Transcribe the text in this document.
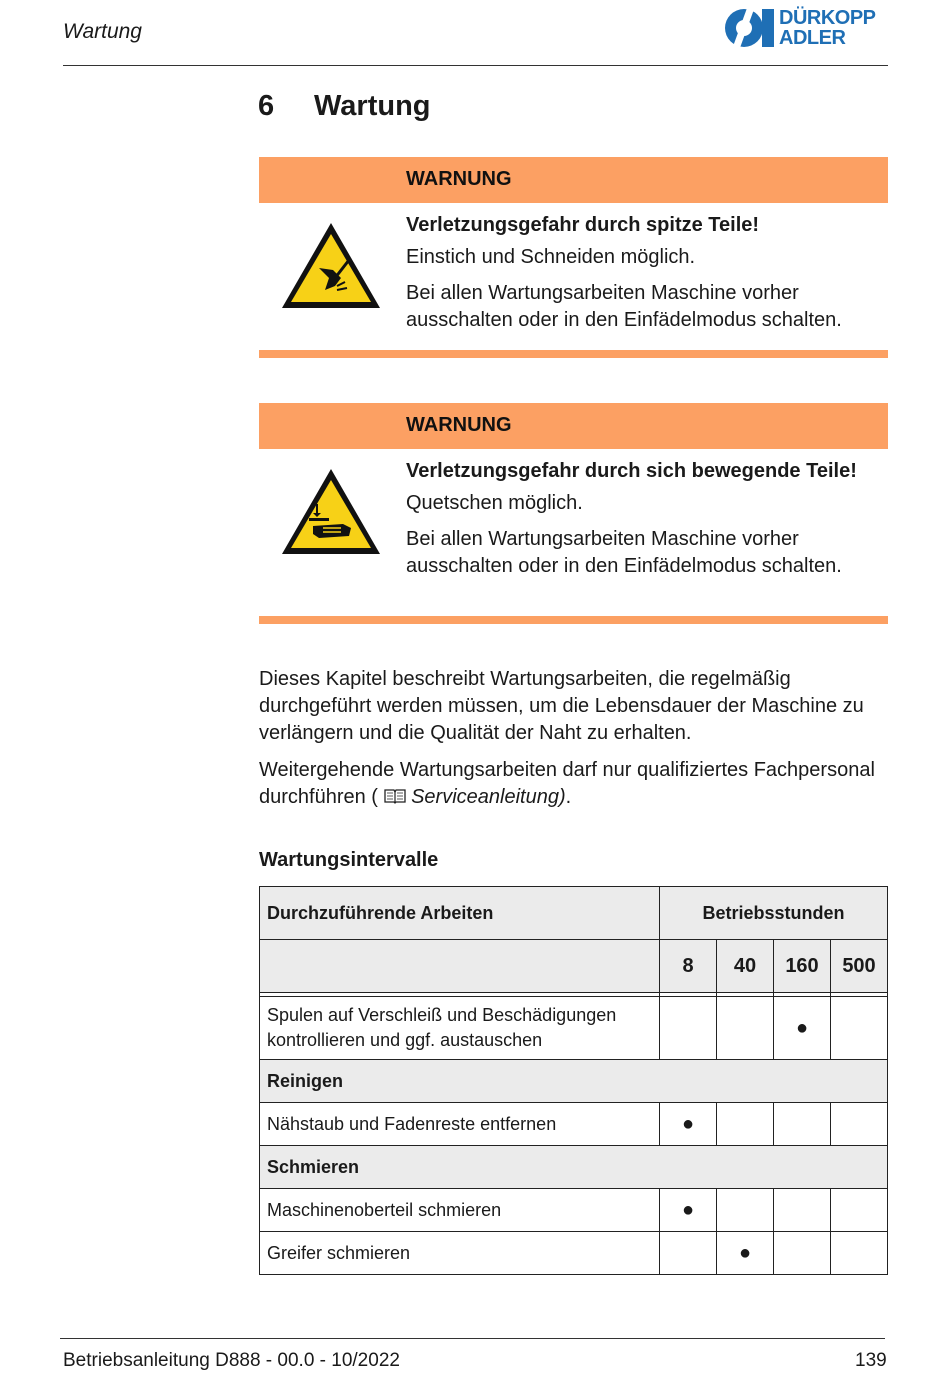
Wartung
DÜRKOPP
ADLER
6 Wartung
WARNUNG

Verletzungsgefahr durch spitze Teile!

Einstich und Schneiden möglich.

Bei allen Wartungsarbeiten Maschine vorher ausschalten oder in den Einfädelmodus schalten.

WARNUNG

Verletzungsgefahr durch sich bewegende Teile!

Quetschen möglich.

Bei allen Wartungsarbeiten Maschine vorher ausschalten oder in den Einfädelmodus schalten.

Dieses Kapitel beschreibt Wartungsarbeiten, die regelmäßig durchgeführt werden müssen, um die Lebensdauer der Maschine zu verlängern und die Qualität der Naht zu erhalten.

Weitergehende Wartungsarbeiten darf nur qualifiziertes Fachpersonal durchführen ( Serviceanleitung).

Wartungsintervalle
Durchzuführende Arbeiten	Betriebsstunden			
	8	40	160	500

Spulen auf Verschleiß und Beschädigungen kontrollieren und ggf. austauschen			●	
Reinigen				
Nähstaub und Fadenreste entfernen	●			
Schmieren				
Maschinenoberteil schmieren	●			
Greifer schmieren		●		
Betriebsanleitung D888 - 00.0 - 10/2022	139
